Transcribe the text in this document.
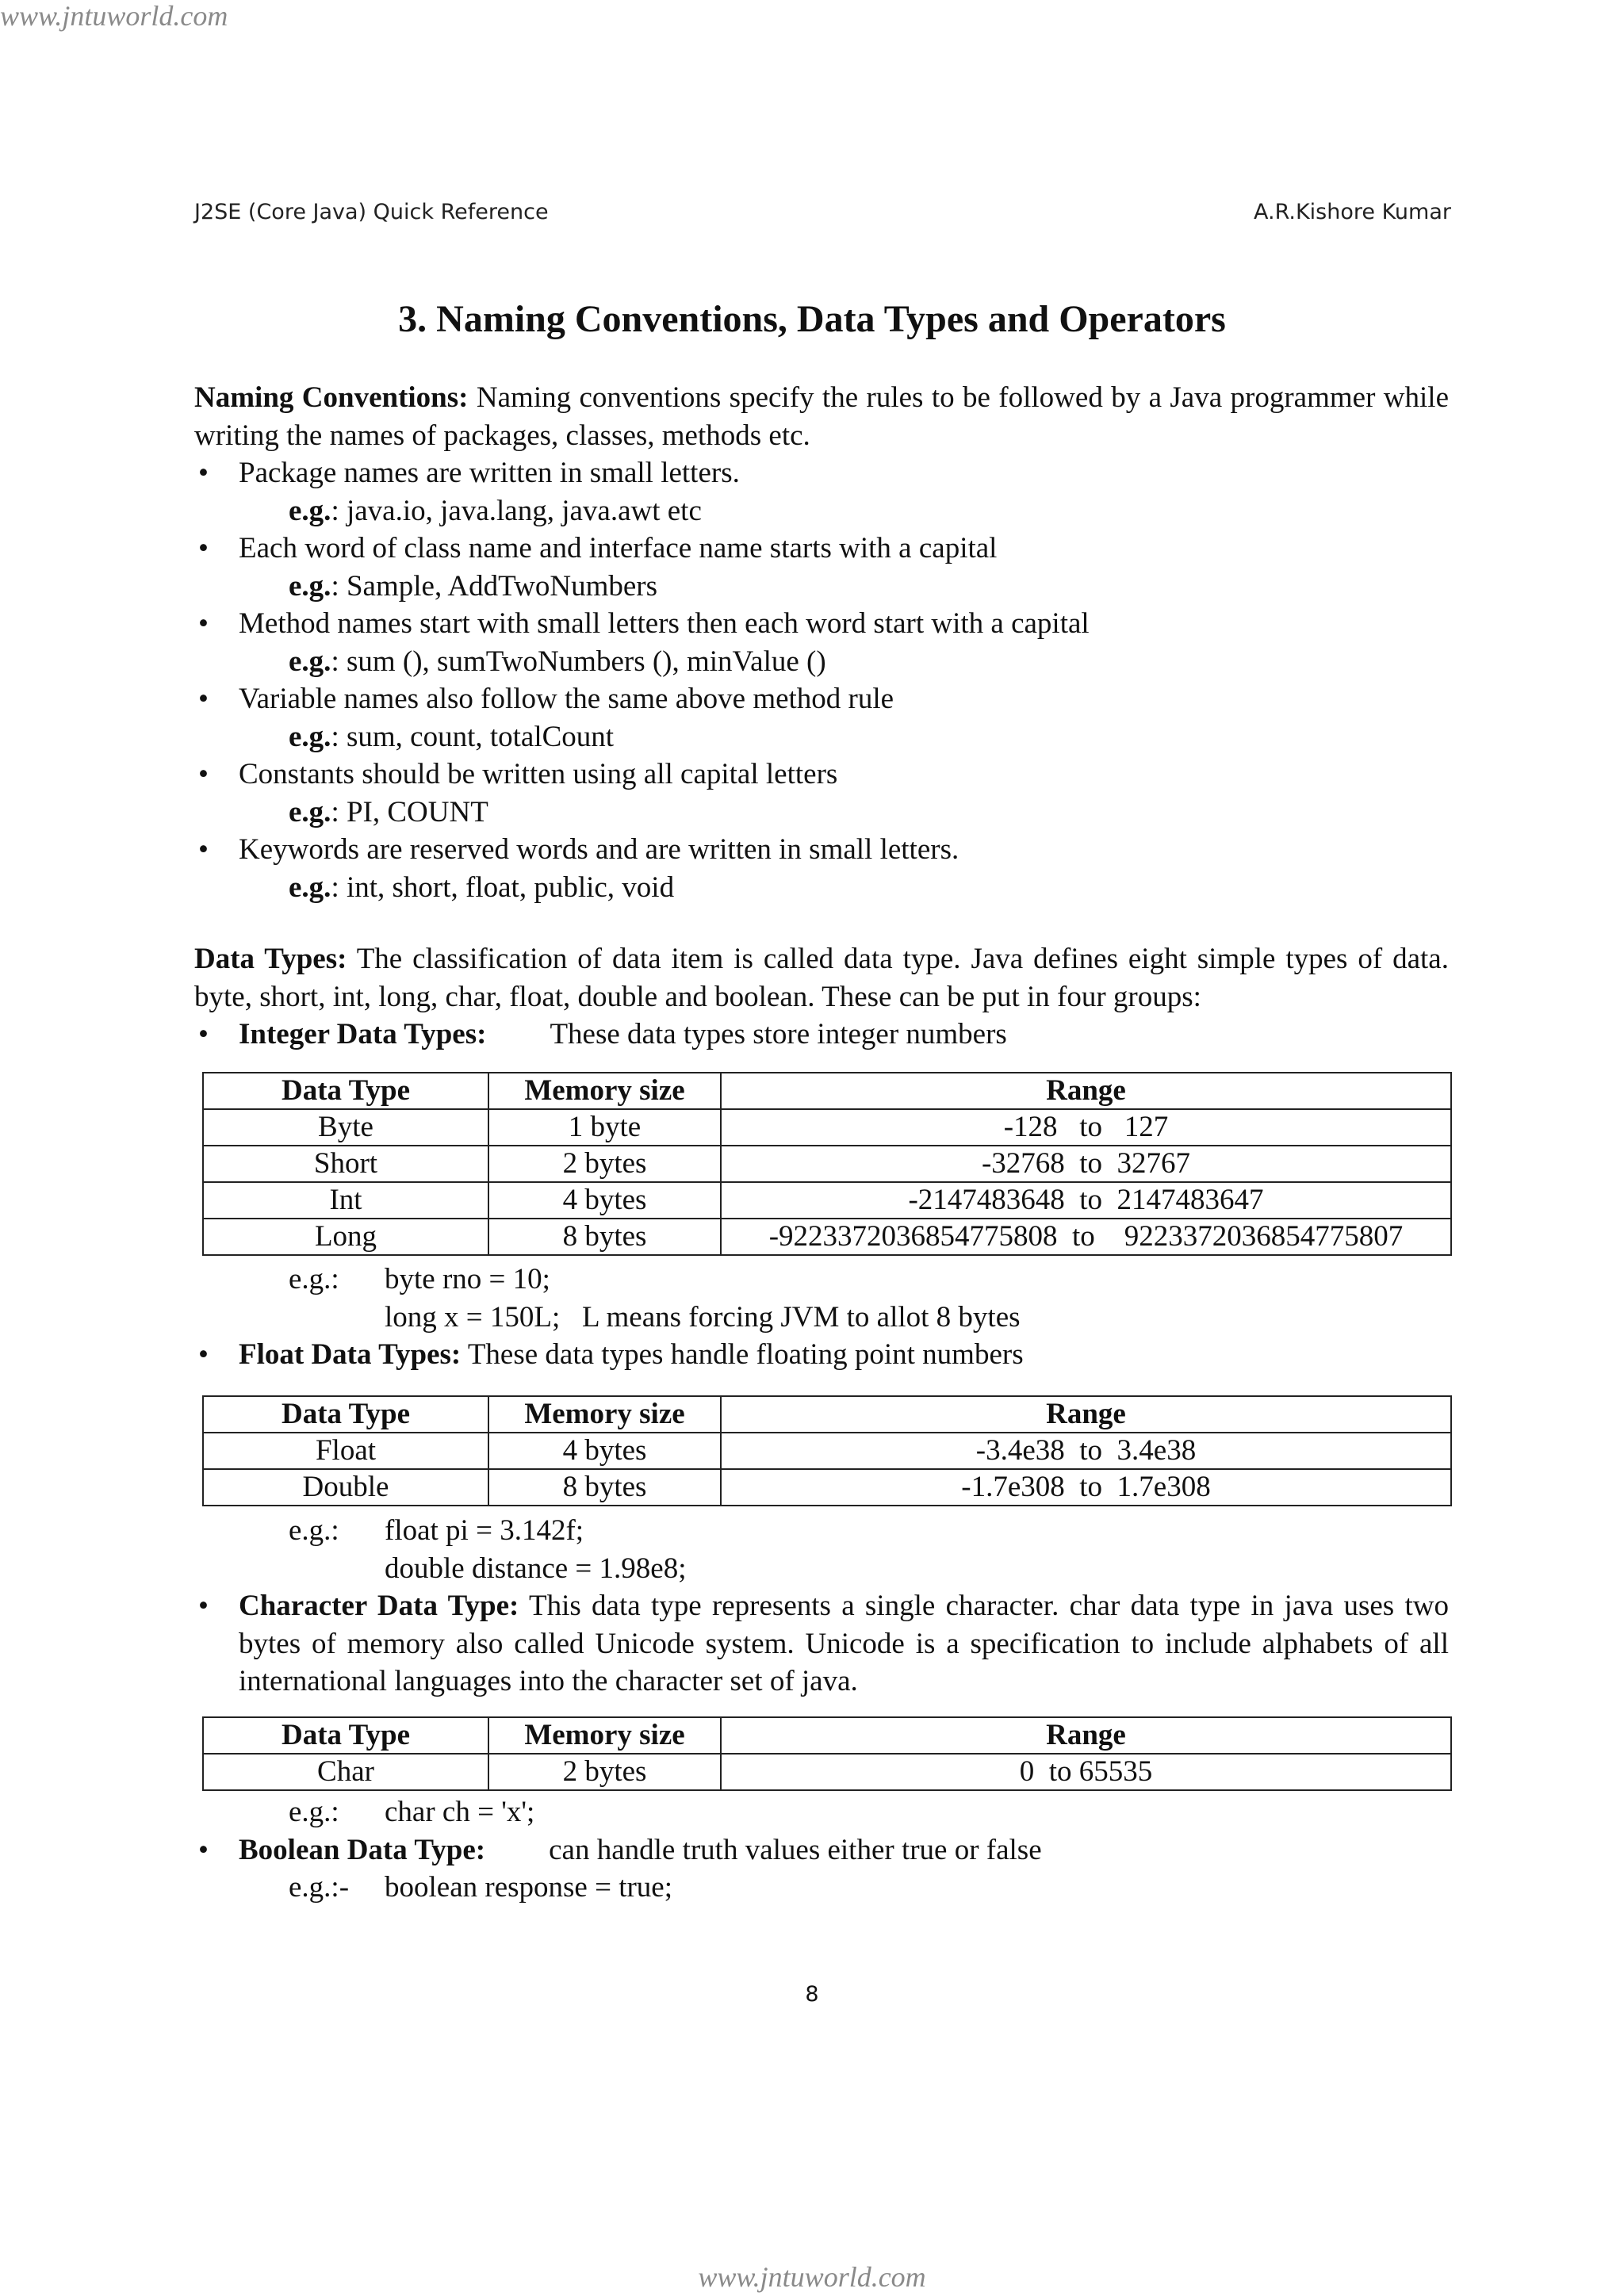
www.jntuworld.com
J2SE (Core Java) Quick Reference	A.R.Kishore Kumar
3. Naming Conventions, Data Types and Operators

Naming Conventions: Naming conventions specify the rules to be followed by a Java programmer while writing the names of packages, classes, methods etc.

•	Package names are written in small letters.
e.g.: java.io, java.lang, java.awt etc
•	Each word of class name and interface name starts with a capital
e.g.: Sample, AddTwoNumbers
•	Method names start with small letters then each word start with a capital
e.g.: sum (), sumTwoNumbers (), minValue ()
•	Variable names also follow the same above method rule
e.g.: sum, count, totalCount
•	Constants should be written using all capital letters
e.g.: PI, COUNT
•	Keywords are reserved words and are written in small letters.
e.g.: int, short, float, public, void

Data Types: The classification of data item is called data type. Java defines eight simple types of data. byte, short, int, long, char, float, double and boolean. These can be put in four groups:

•	Integer Data Types: These data types store integer numbers
Data Type	Memory size	Range
Byte	1 byte	-128   to   127
Short	2 bytes	-32768  to  32767
Int	4 bytes	-2147483648  to  2147483647
Long	8 bytes	-9223372036854775808  to    9223372036854775807
e.g.: byte rno = 10;
long x = 150L;   L means forcing JVM to allot 8 bytes
•	Float Data Types: These data types handle floating point numbers
Data Type	Memory size	Range
Float	4 bytes	-3.4e38  to  3.4e38
Double	8 bytes	-1.7e308  to  1.7e308
e.g.: float pi = 3.142f;
double distance = 1.98e8;
•	Character Data Type: This data type represents a single character. char data type in java uses two bytes of memory also called Unicode system. Unicode is a specification to include alphabets of all international languages into the character set of java.
Data Type	Memory size	Range
Char	2 bytes	0  to 65535
e.g.: char ch = 'x';
•	Boolean Data Type: can handle truth values either true or false
e.g.:- boolean response = true;
8
www.jntuworld.com
